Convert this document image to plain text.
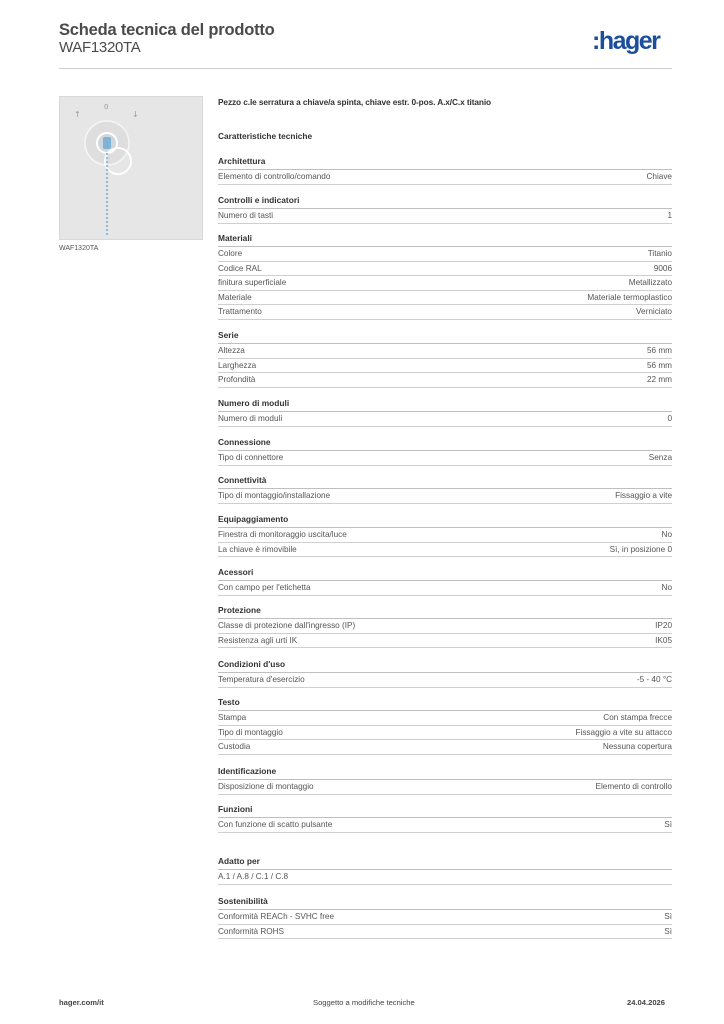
Scheda tecnica del prodotto
WAF1320TA	:hager
↑
0
↓
WAF1320TA
Pezzo c.le serratura a chiave/a spinta, chiave estr. 0-pos. A.x/C.x titanio
Caratteristiche tecniche
Architettura
Elemento di controllo/comando	Chiave
Controlli e indicatori
Numero di tasti	1
Materiali
Colore	Titanio
Codice RAL	9006
finitura superficiale	Metallizzato
Materiale	Materiale termoplastico
Trattamento	Verniciato
Serie
Altezza	56 mm
Larghezza	56 mm
Profondità	22 mm
Numero di moduli
Numero di moduli	0
Connessione
Tipo di connettore	Senza
Connettività
Tipo di montaggio/installazione	Fissaggio a vite
Equipaggiamento
Finestra di monitoraggio uscita/luce	No
La chiave è rimovibile	Sì, in posizione 0
Acessori
Con campo per l'etichetta	No
Protezione
Classe di protezione dall'ingresso (IP)	IP20
Resistenza agli urti IK	IK05
Condizioni d'uso
Temperatura d'esercizio	-5 - 40 °C
Testo
Stampa	Con stampa frecce
Tipo di montaggio	Fissaggio a vite su attacco
Custodia	Nessuna copertura
Identificazione
Disposizione di montaggio	Elemento di controllo
Funzioni
Con funzione di scatto pulsante	Sì
Adatto per
A.1 / A.8 / C.1 / C.8
Sostenibilità
Conformità REACh - SVHC free	Sì
Conformità ROHS	Sì
hager.com/it	Soggetto a modifiche tecniche	24.04.2026
